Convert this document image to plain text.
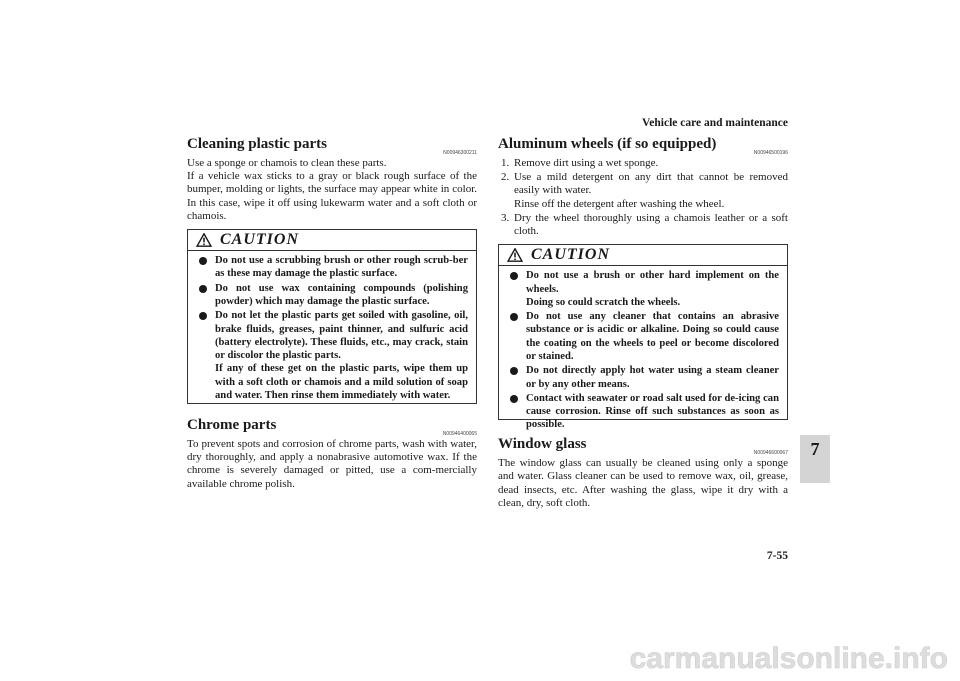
Vehicle care and maintenance
7-55
7
Cleaning plastic parts
N00946300211
Use a sponge or chamois to clean these parts.
If a vehicle wax sticks to a gray or black rough surface of the bumper, molding or lights, the surface may appear white in color. In this case, wipe it off using lukewarm water and a soft cloth or chamois.
CAUTION
Do not use a scrubbing brush or other rough scrub-ber as these may damage the plastic surface.
Do not use wax containing compounds (polishing powder) which may damage the plastic surface.
Do not let the plastic parts get soiled with gasoline, oil, brake fluids, greases, paint thinner, and sulfuric acid (battery electrolyte). These fluids, etc., may crack, stain or discolor the plastic parts.
If any of these get on the plastic parts, wipe them up with a soft cloth or chamois and a mild solution of soap and water. Then rinse them immediately with water.
Chrome parts
N00946400065
To prevent spots and corrosion of chrome parts, wash with water, dry thoroughly, and apply a nonabrasive automotive wax. If the chrome is severely damaged or pitted, use a com-mercially available chrome polish.
Aluminum wheels (if so equipped)
N00946500196
1. Remove dirt using a wet sponge.
2. Use a mild detergent on any dirt that cannot be removed easily with water.
Rinse off the detergent after washing the wheel.
3. Dry the wheel thoroughly using a chamois leather or a soft cloth.
CAUTION
Do not use a brush or other hard implement on the wheels.
Doing so could scratch the wheels.
Do not use any cleaner that contains an abrasive substance or is acidic or alkaline. Doing so could cause the coating on the wheels to peel or become discolored or stained.
Do not directly apply hot water using a steam cleaner or by any other means.
Contact with seawater or road salt used for de-icing can cause corrosion. Rinse off such substances as soon as possible.
Window glass
N00946600067
The window glass can usually be cleaned using only a sponge and water. Glass cleaner can be used to remove wax, oil, grease, dead insects, etc. After washing the glass, wipe it dry with a clean, dry, soft cloth.
carmanualsonline.info
